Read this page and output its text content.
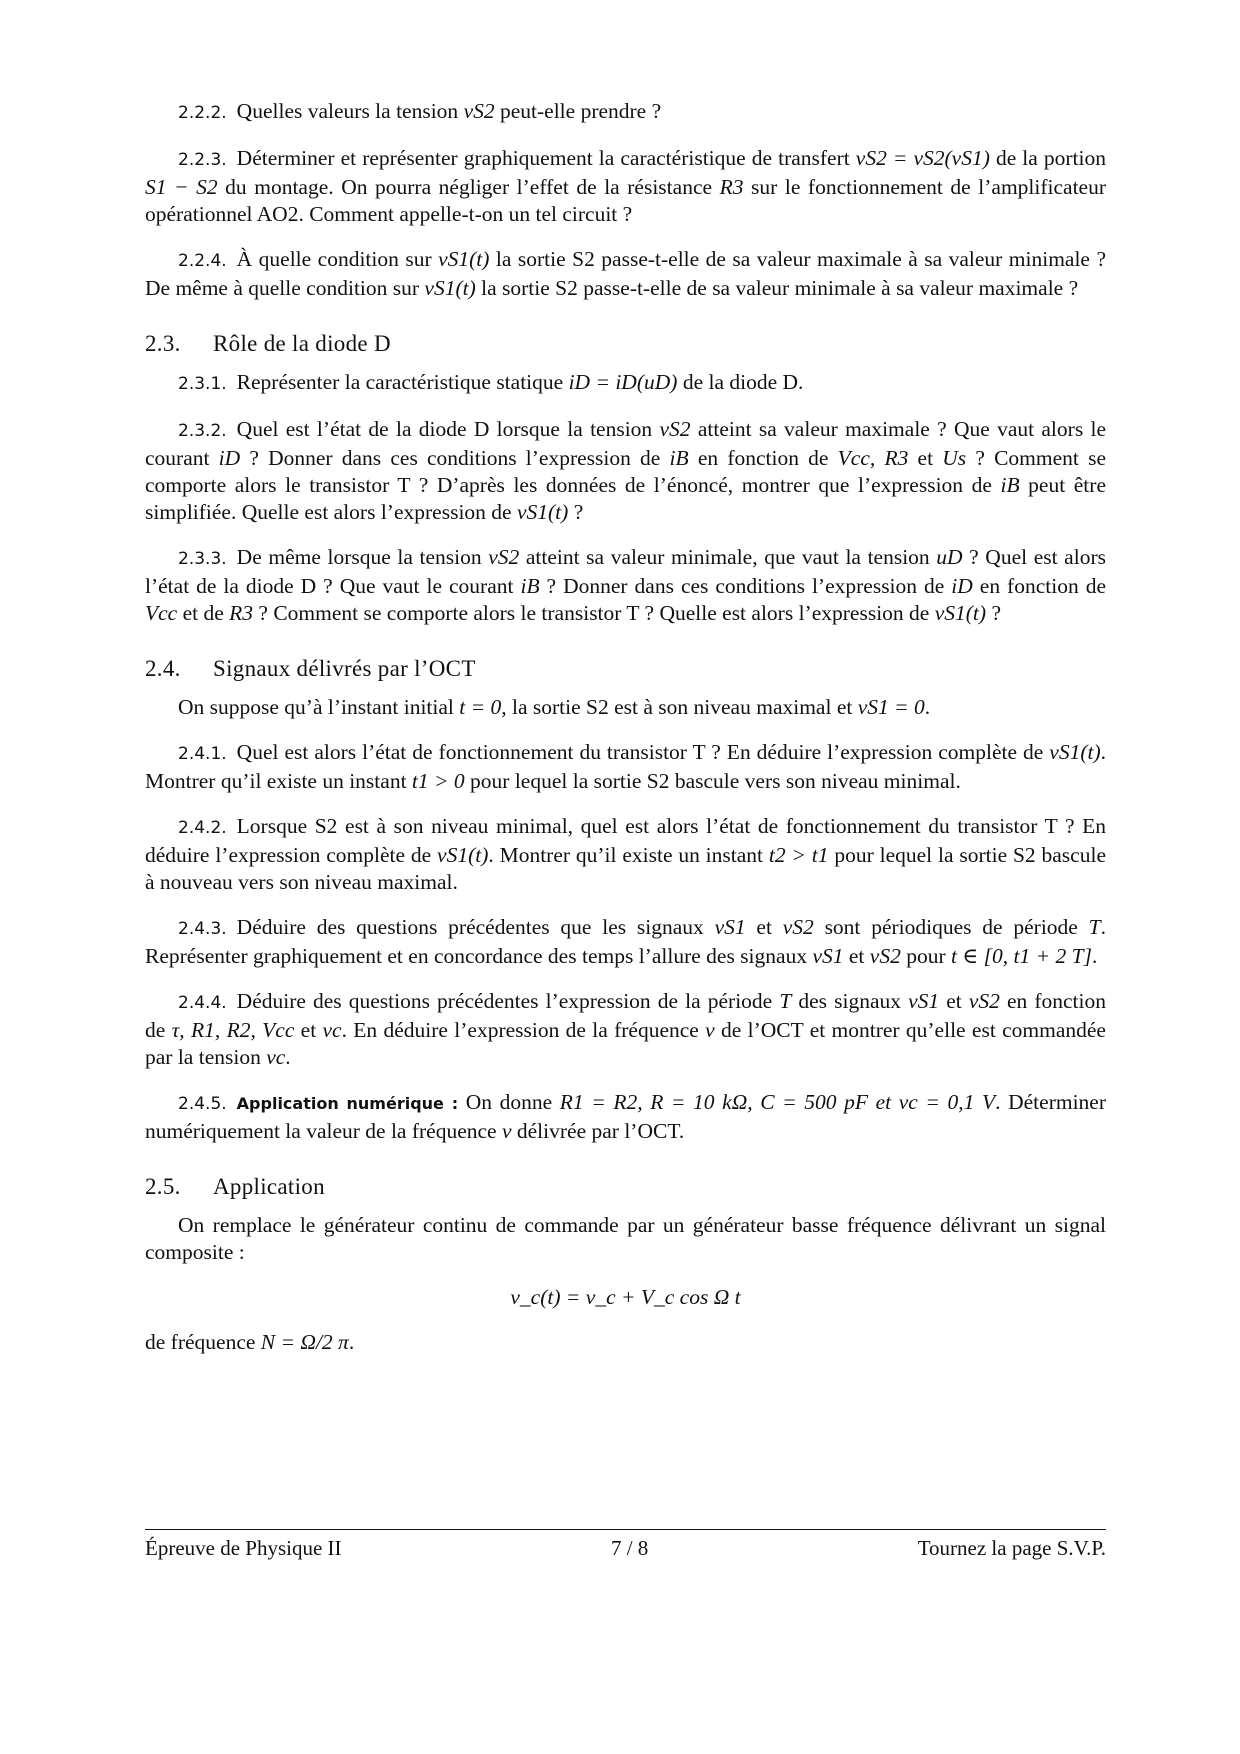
2.2.2. Quelles valeurs la tension vS2 peut-elle prendre ?

2.2.3. Déterminer et représenter graphiquement la caractéristique de transfert vS2 = vS2(vS1) de la portion S1 − S2 du montage. On pourra négliger l’effet de la résistance R3 sur le fonctionnement de l’amplificateur opérationnel AO2. Comment appelle-t-on un tel circuit ?

2.2.4. À quelle condition sur vS1(t) la sortie S2 passe-t-elle de sa valeur maximale à sa valeur minimale ? De même à quelle condition sur vS1(t) la sortie S2 passe-t-elle de sa valeur minimale à sa valeur maximale ?

2.3. Rôle de la diode D

2.3.1. Représenter la caractéristique statique iD = iD(uD) de la diode D.

2.3.2. Quel est l’état de la diode D lorsque la tension vS2 atteint sa valeur maximale ? Que vaut alors le courant iD ? Donner dans ces conditions l’expression de iB en fonction de Vcc, R3 et Us ? Comment se comporte alors le transistor T ? D’après les données de l’énoncé, montrer que l’expression de iB peut être simplifiée. Quelle est alors l’expression de vS1(t) ?

2.3.3. De même lorsque la tension vS2 atteint sa valeur minimale, que vaut la tension uD ? Quel est alors l’état de la diode D ? Que vaut le courant iB ? Donner dans ces conditions l’expression de iD en fonction de Vcc et de R3 ? Comment se comporte alors le transistor T ? Quelle est alors l’expression de vS1(t) ?

2.4. Signaux délivrés par l’OCT

On suppose qu’à l’instant initial t = 0, la sortie S2 est à son niveau maximal et vS1 = 0.

2.4.1. Quel est alors l’état de fonctionnement du transistor T ? En déduire l’expression complète de vS1(t). Montrer qu’il existe un instant t1 > 0 pour lequel la sortie S2 bascule vers son niveau minimal.

2.4.2. Lorsque S2 est à son niveau minimal, quel est alors l’état de fonctionnement du transistor T ? En déduire l’expression complète de vS1(t). Montrer qu’il existe un instant t2 > t1 pour lequel la sortie S2 bascule à nouveau vers son niveau maximal.

2.4.3. Déduire des questions précédentes que les signaux vS1 et vS2 sont périodiques de période T. Représenter graphiquement et en concordance des temps l’allure des signaux vS1 et vS2 pour t ∈ [0, t1 + 2 T].

2.4.4. Déduire des questions précédentes l’expression de la période T des signaux vS1 et vS2 en fonction de τ, R1, R2, Vcc et vc. En déduire l’expression de la fréquence ν de l’OCT et montrer qu’elle est commandée par la tension vc.

2.4.5. Application numérique : On donne R1 = R2, R = 10 kΩ, C = 500 pF et vc = 0,1 V. Déterminer numériquement la valeur de la fréquence ν délivrée par l’OCT.

2.5. Application

On remplace le générateur continu de commande par un générateur basse fréquence délivrant un signal composite :

v_c(t) = v_c + V_c cos Ω t

de fréquence N = Ω/2 π.

Épreuve de Physique II	7 / 8	Tournez la page S.V.P.
